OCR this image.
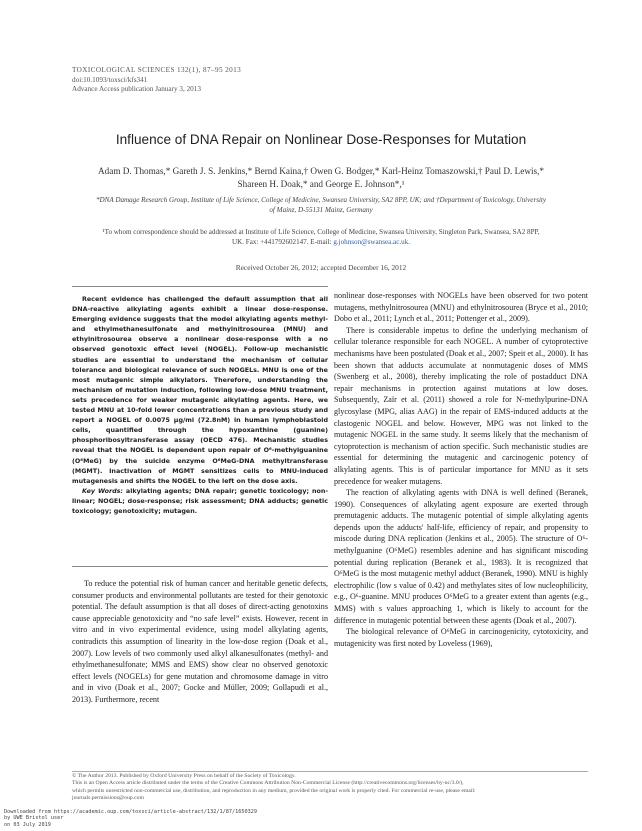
TOXICOLOGICAL SCIENCES 132(1), 87–95 2013
doi:10.1093/toxsci/kfs341
Advance Access publication January 3, 2013
Influence of DNA Repair on Nonlinear Dose-Responses for Mutation
Adam D. Thomas,* Gareth J. S. Jenkins,* Bernd Kaina,† Owen G. Bodger,* Karl-Heinz Tomaszowski,† Paul D. Lewis,*
Shareen H. Doak,* and George E. Johnson*,¹
*DNA Damage Research Group, Institute of Life Science, College of Medicine, Swansea University, SA2 8PP, UK; and †Department of Toxicology, University
of Mainz, D-55131 Mainz, Germany
¹To whom correspondence should be addressed at Institute of Life Science, College of Medicine, Swansea University, Singleton Park, Swansea, SA2 8PP,
UK. Fax: +441792602147. E-mail: g.johnson@swansea.ac.uk.
Received October 26, 2012; accepted December 16, 2012

Recent evidence has challenged the default assumption that all DNA-reactive alkylating agents exhibit a linear dose-response. Emerging evidence suggests that the model alkylating agents methyl- and ethylmethanesulfonate and methylnitrosourea (MNU) and ethylnitrosourea observe a nonlinear dose-response with a no observed genotoxic effect level (NOGEL). Follow-up mechanistic studies are essential to understand the mechanism of cellular tolerance and biological relevance of such NOGELs. MNU is one of the most mutagenic simple alkylators. Therefore, understanding the mechanism of mutation induction, following low-dose MNU treatment, sets precedence for weaker mutagenic alkylating agents. Here, we tested MNU at 10-fold lower concentrations than a previous study and report a NOGEL of 0.0075 µg/ml (72.8nM) in human lymphoblastoid cells, quantified through the hypoxanthine (guanine) phosphoribosyltransferase assay (OECD 476). Mechanistic studies reveal that the NOGEL is dependent upon repair of O⁶-methylguanine (O⁶MeG) by the suicide enzyme O⁶MeG-DNA methyltransferase (MGMT). Inactivation of MGMT sensitizes cells to MNU-induced mutagenesis and shifts the NOGEL to the left on the dose axis.

Key Words: alkylating agents; DNA repair; genetic toxicology; non-linear; NOGEL; dose-response; risk assessment; DNA adducts; genetic toxicology; genotoxicity; mutagen.

To reduce the potential risk of human cancer and heritable genetic defects, consumer products and environmental pollutants are tested for their genotoxic potential. The default assumption is that all doses of direct-acting genotoxins cause appreciable genotoxicity and “no safe level” exists. However, recent in vitro and in vivo experimental evidence, using model alkylating agents, contradicts this assumption of linearity in the low-dose region (Doak et al., 2007). Low levels of two commonly used alkyl alkanesulfonates (methyl- and ethylmethanesulfonate; MMS and EMS) show clear no observed genotoxic effect levels (NOGELs) for gene mutation and chromosome damage in vitro and in vivo (Doak et al., 2007; Gocke and Müller, 2009; Gollapudi et al., 2013). Furthermore, recent

nonlinear dose-responses with NOGELs have been observed for two potent mutagens, methylnitrosourea (MNU) and ethylnitrosourea (Bryce et al., 2010; Dobo et al., 2011; Lynch et al., 2011; Pottenger et al., 2009).

There is considerable impetus to define the underlying mechanism of cellular tolerance responsible for each NOGEL. A number of cytoprotective mechanisms have been postulated (Doak et al., 2007; Speit et al., 2000). It has been shown that adducts accumulate at nonmutagenic doses of MMS (Swenberg et al., 2008), thereby implicating the role of postadduct DNA repair mechanisms in protection against mutations at low doses. Subsequently, Zaïr et al. (2011) showed a role for N-methylpurine-DNA glycosylase (MPG, alias AAG) in the repair of EMS-induced adducts at the clastogenic NOGEL and below. However, MPG was not linked to the mutagenic NOGEL in the same study. It seems likely that the mechanism of cytoprotection is mechanism of action specific. Such mechanistic studies are essential for determining the mutagenic and carcinogenic potency of alkylating agents. This is of particular importance for MNU as it sets precedence for weaker mutagens.

The reaction of alkylating agents with DNA is well defined (Beranek, 1990). Consequences of alkylating agent exposure are exerted through premutagenic adducts. The mutagenic potential of simple alkylating agents depends upon the adducts' half-life, efficiency of repair, and propensity to miscode during DNA replication (Jenkins et al., 2005). The structure of O⁶-methylguanine (O⁶MeG) resembles adenine and has significant miscoding potential during replication (Beranek et al., 1983). It is recognized that O⁶MeG is the most mutagenic methyl adduct (Beranek, 1990). MNU is highly electrophilic (low s value of 0.42) and methylates sites of low nucleophilicity, e.g., O⁶-guanine. MNU produces O⁶MeG to a greater extent than agents (e.g., MMS) with s values approaching 1, which is likely to account for the difference in mutagenic potential between these agents (Doak et al., 2007).

The biological relevance of O⁶MeG in carcinogenicity, cytotoxicity, and mutagenicity was first noted by Loveless (1969),

© The Author 2013. Published by Oxford University Press on behalf of the Society of Toxicology.
This is an Open Access article distributed under the terms of the Creative Commons Attribution Non-Commercial License (http://creativecommons.org/licenses/by-nc/3.0/),
which permits unrestricted non-commercial use, distribution, and reproduction in any medium, provided the original work is properly cited. For commercial re-use, please email:
journals.permissions@oup.com
Downloaded from https://academic.oup.com/toxsci/article-abstract/132/1/87/1650329
by UWE Bristol user
on 03 July 2019
